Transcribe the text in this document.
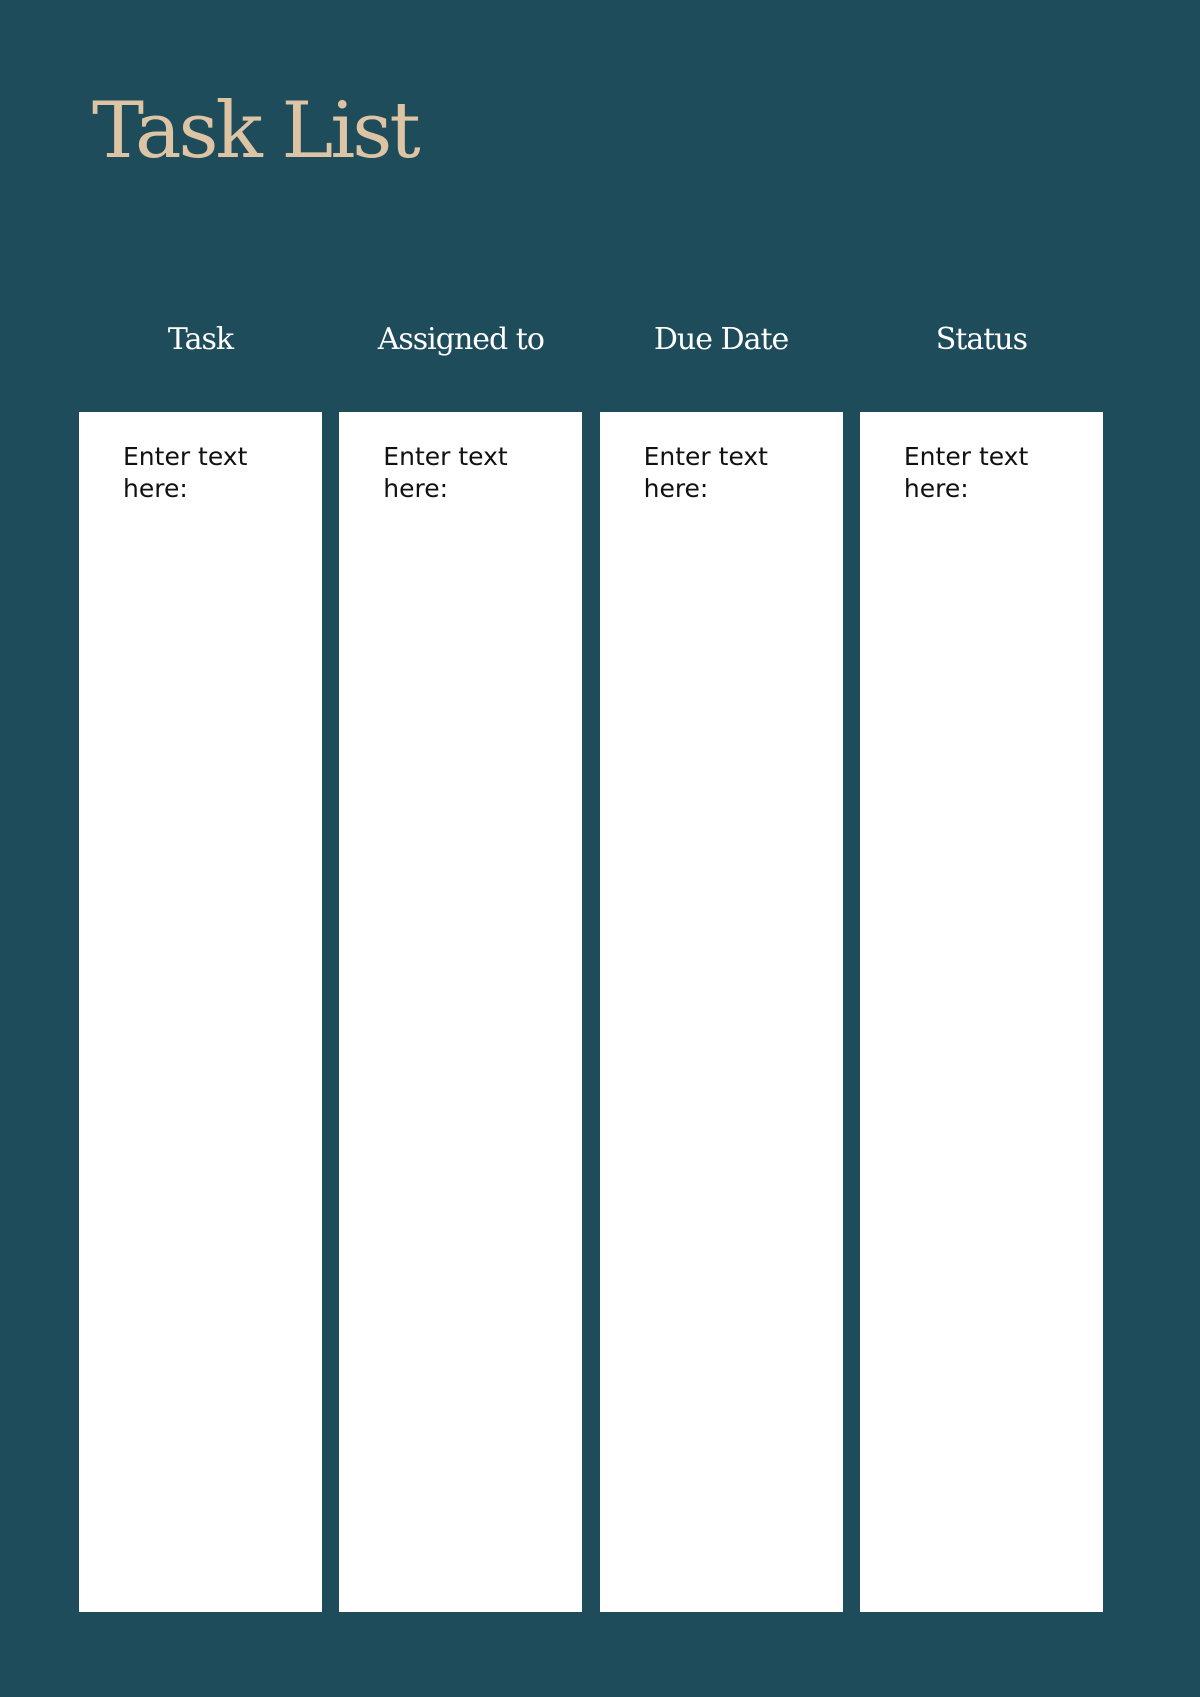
Task List
Task
Enter text here:
Assigned to
Enter text here:
Due Date
Enter text here:
Status
Enter text here:
